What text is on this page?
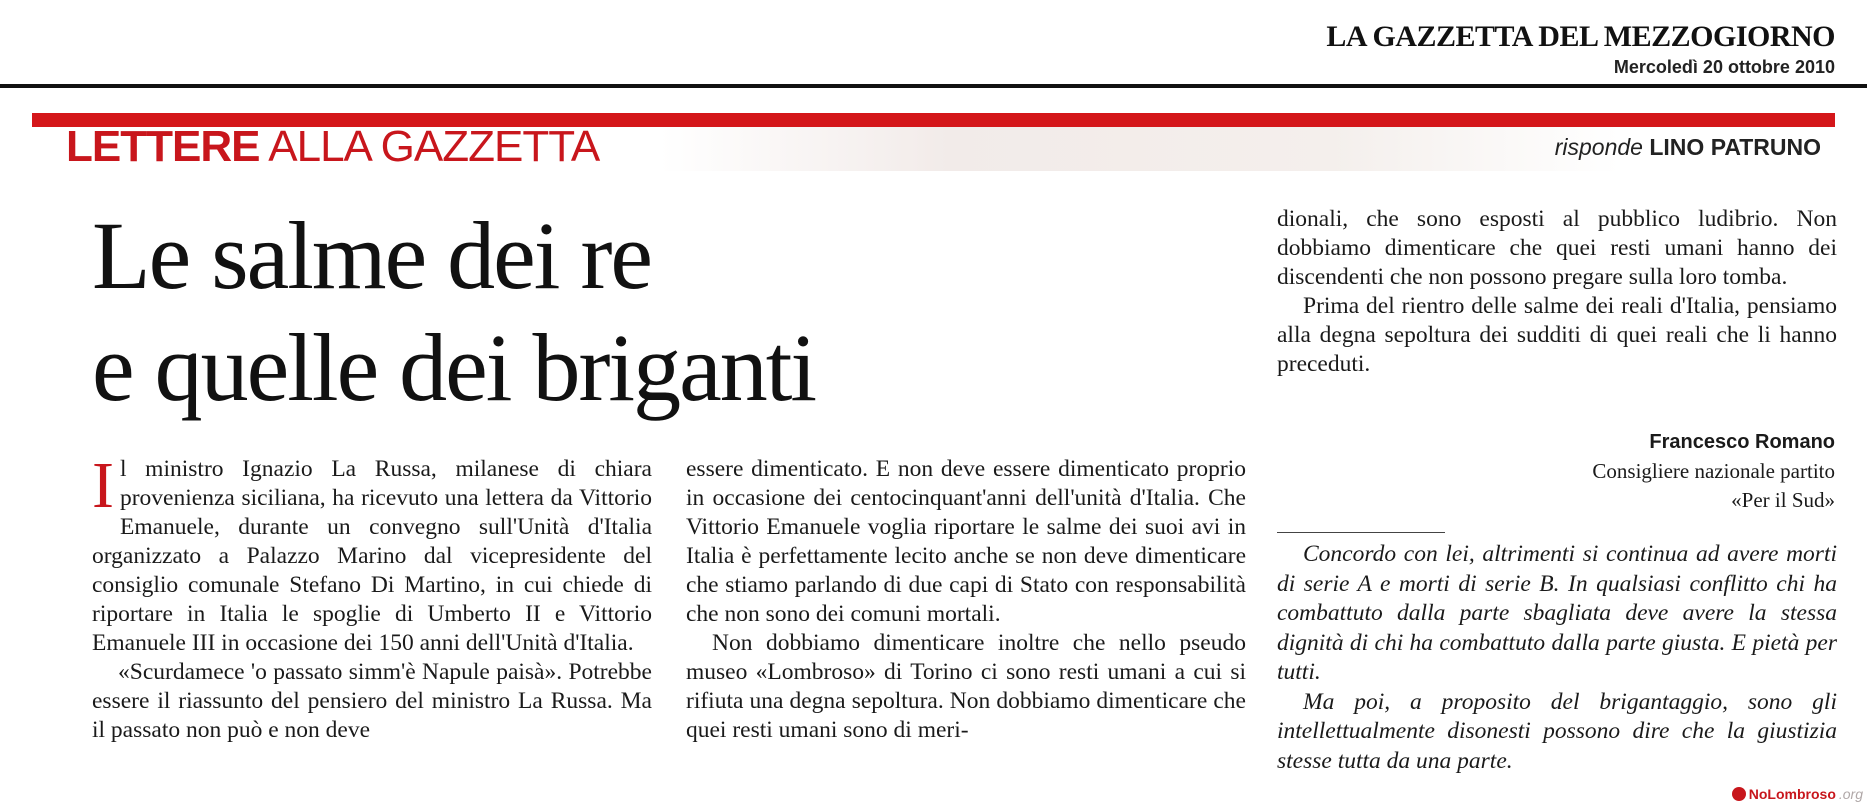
LA GAZZETTA DEL MEZZOGIORNO
Mercoledì 20 ottobre 2010
LETTERE ALLA GAZZETTA	risponde LINO PATRUNO
Le salme dei re
e quelle dei briganti

Il ministro Ignazio La Russa, milanese di chiara provenienza siciliana, ha ricevuto una lettera da Vittorio Emanuele, durante un convegno sull'Unità d'Italia organizzato a Palazzo Marino dal vicepresidente del consiglio comunale Stefano Di Martino, in cui chiede di riportare in Italia le spoglie di Umberto II e Vittorio Emanuele III in occasione dei 150 anni dell'Unità d'Italia.

«Scurdamece 'o passato simm'è Napule paisà». Potrebbe essere il riassunto del pensiero del ministro La Russa. Ma il passato non può e non deve

essere dimenticato. E non deve essere dimenticato proprio in occasione dei centocinquant'anni dell'unità d'Italia. Che Vittorio Emanuele voglia riportare le salme dei suoi avi in Italia è perfettamente lecito anche se non deve dimenticare che stiamo parlando di due capi di Stato con responsabilità che non sono dei comuni mortali.

Non dobbiamo dimenticare inoltre che nello pseudo museo «Lombroso» di Torino ci sono resti umani a cui si rifiuta una degna sepoltura. Non dobbiamo dimenticare che quei resti umani sono di meri-

dionali, che sono esposti al pubblico ludibrio. Non dobbiamo dimenticare che quei resti umani hanno dei discendenti che non possono pregare sulla loro tomba.

Prima del rientro delle salme dei reali d'Italia, pensiamo alla degna sepoltura dei sudditi di quei reali che li hanno preceduti.

Francesco Romano
Consigliere nazionale partito
«Per il Sud»

Concordo con lei, altrimenti si continua ad avere morti di serie A e morti di serie B. In qualsiasi conflitto chi ha combattuto dalla parte sbagliata deve avere la stessa dignità di chi ha combattuto dalla parte giusta. E pietà per tutti.

Ma poi, a proposito del brigantaggio, sono gli intellettualmente disonesti possono dire che la giustizia stesse tutta da una parte.

NoLombroso .org
